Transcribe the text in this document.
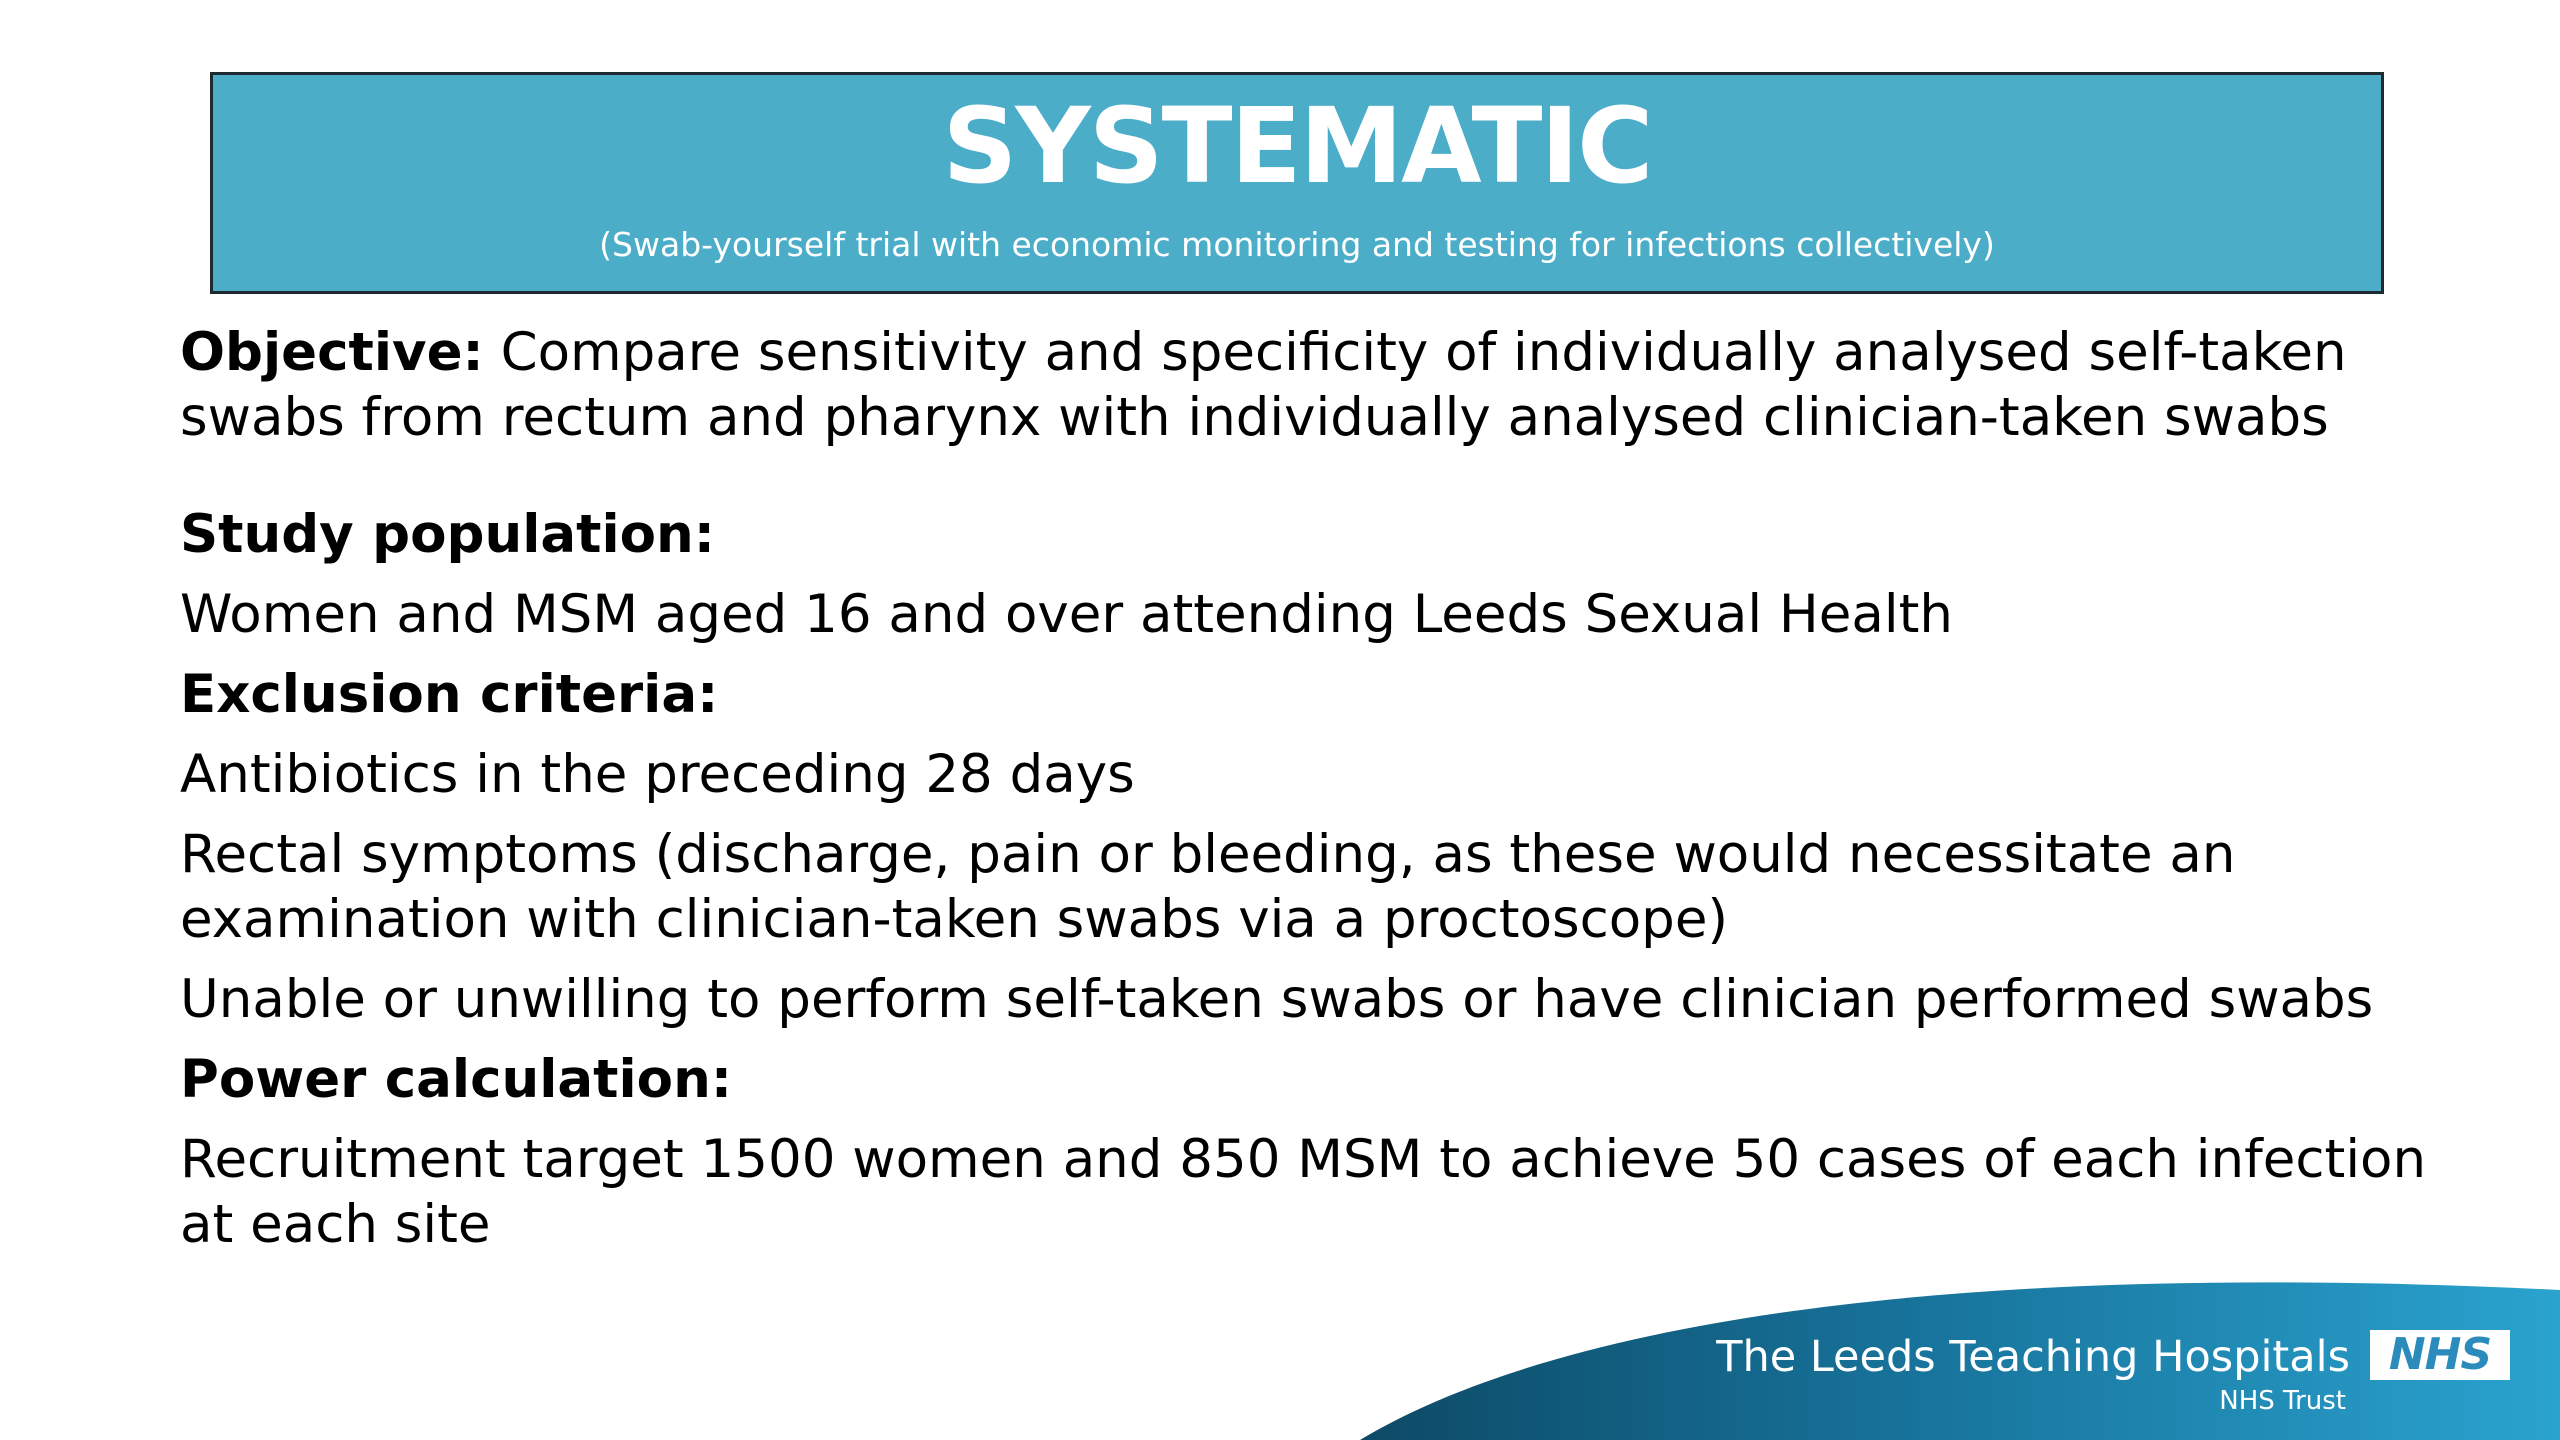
SYSTEMATIC
(Swab-yourself trial with economic monitoring and testing for infections collectively)

Objective: Compare sensitivity and specificity of individually analysed self-taken swabs from rectum and pharynx with individually analysed clinician-taken swabs

Study population:

Women and MSM aged 16 and over attending Leeds Sexual Health

Exclusion criteria:

Antibiotics in the preceding 28 days

Rectal symptoms (discharge, pain or bleeding, as these would necessitate an examination with clinician-taken swabs via a proctoscope)

Unable or unwilling to perform self-taken swabs or have clinician performed swabs

Power calculation:

Recruitment target 1500 women and 850 MSM to achieve 50 cases of each infection at each site

The Leeds Teaching Hospitals
NHS Trust
NHS
